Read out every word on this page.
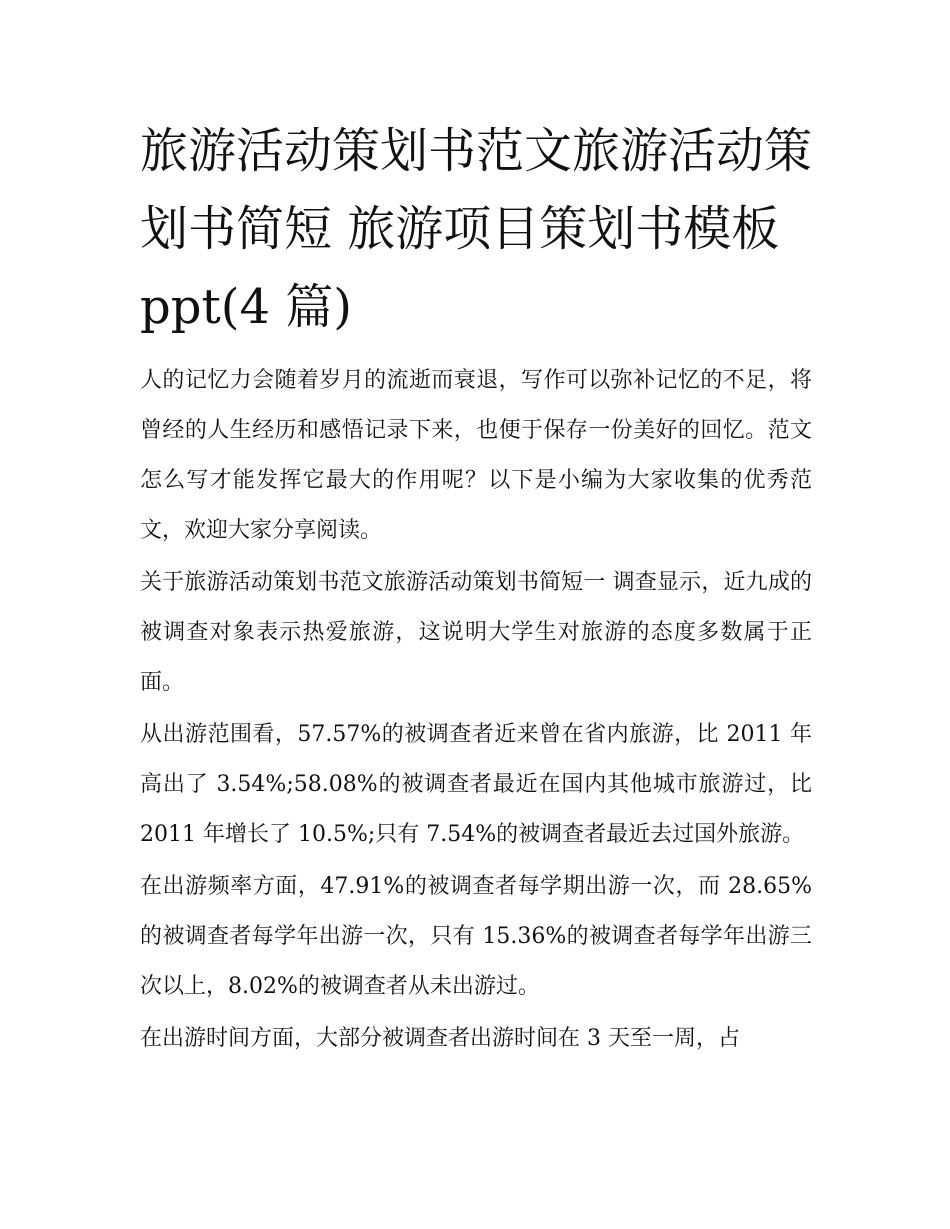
旅游活动策划书范文旅游活动策划书简短 旅游项目策划书模板 ppt(4 篇)

人的记忆力会随着岁月的流逝而衰退，写作可以弥补记忆的不足，将曾经的人生经历和感悟记录下来，也便于保存一份美好的回忆。范文怎么写才能发挥它最大的作用呢？以下是小编为大家收集的优秀范文，欢迎大家分享阅读。

关于旅游活动策划书范文旅游活动策划书简短一 调查显示，近九成的被调查对象表示热爱旅游，这说明大学生对旅游的态度多数属于正面。

从出游范围看，57.57%的被调查者近来曾在省内旅游，比 2011 年高出了 3.54%;58.08%的被调查者最近在国内其他城市旅游过，比 2011 年增长了 10.5%;只有 7.54%的被调查者最近去过国外旅游。

在出游频率方面，47.91%的被调查者每学期出游一次，而 28.65%的被调查者每学年出游一次，只有 15.36%的被调查者每学年出游三次以上，8.02%的被调查者从未出游过。

在出游时间方面，大部分被调查者出游时间在 3 天至一周，占
